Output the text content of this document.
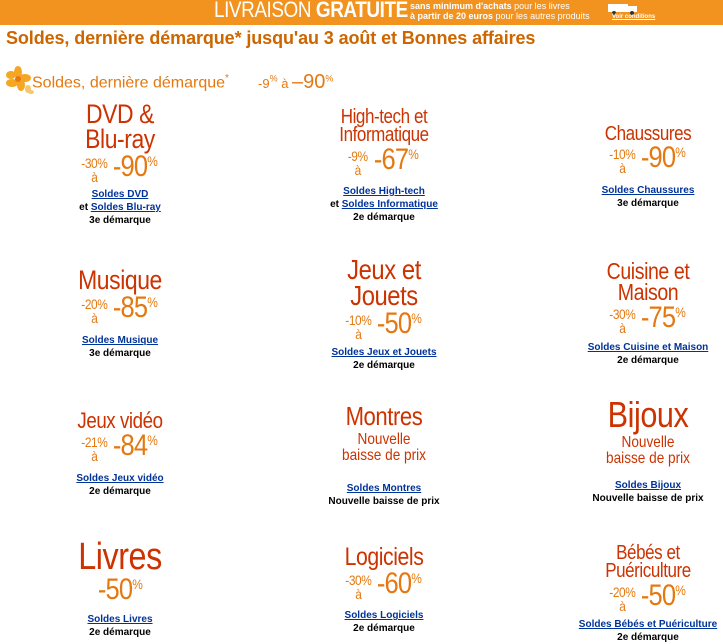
LIVRAISON GRATUITE sans minimum d'achats pour les livres
à partir de 20 euros pour les autres produits	Voir conditions
Soldes, dernière démarque* jusqu'au 3 août et Bonnes affaires
Soldes, dernière démarque* -9% à –90%
DVD &
Blu-ray
-30%
à -90%
Soldes DVD
et Soldes Blu-ray
3e démarque
High-tech et
Informatique
-9%
à -67%
Soldes High-tech
et Soldes Informatique
2e démarque
Chaussures
-10%
à -90%
Soldes Chaussures
3e démarque
Musique
-20%
à -85%
Soldes Musique
3e démarque
Jeux et
Jouets
-10%
à -50%
Soldes Jeux et Jouets
2e démarque
Cuisine et
Maison
-30%
à -75%
Soldes Cuisine et Maison
2e démarque
Jeux vidéo
-21%
à -84%
Soldes Jeux vidéo
2e démarque
Montres
Nouvelle
baisse de prix
Soldes Montres
Nouvelle baisse de prix
Bijoux
Nouvelle
baisse de prix
Soldes Bijoux
Nouvelle baisse de prix
Livres
-50%
Soldes Livres
2e démarque
Logiciels
-30%
à -60%
Soldes Logiciels
2e démarque
Bébés et
Puériculture
-20%
à -50%
Soldes Bébés et Puériculture
2e démarque
